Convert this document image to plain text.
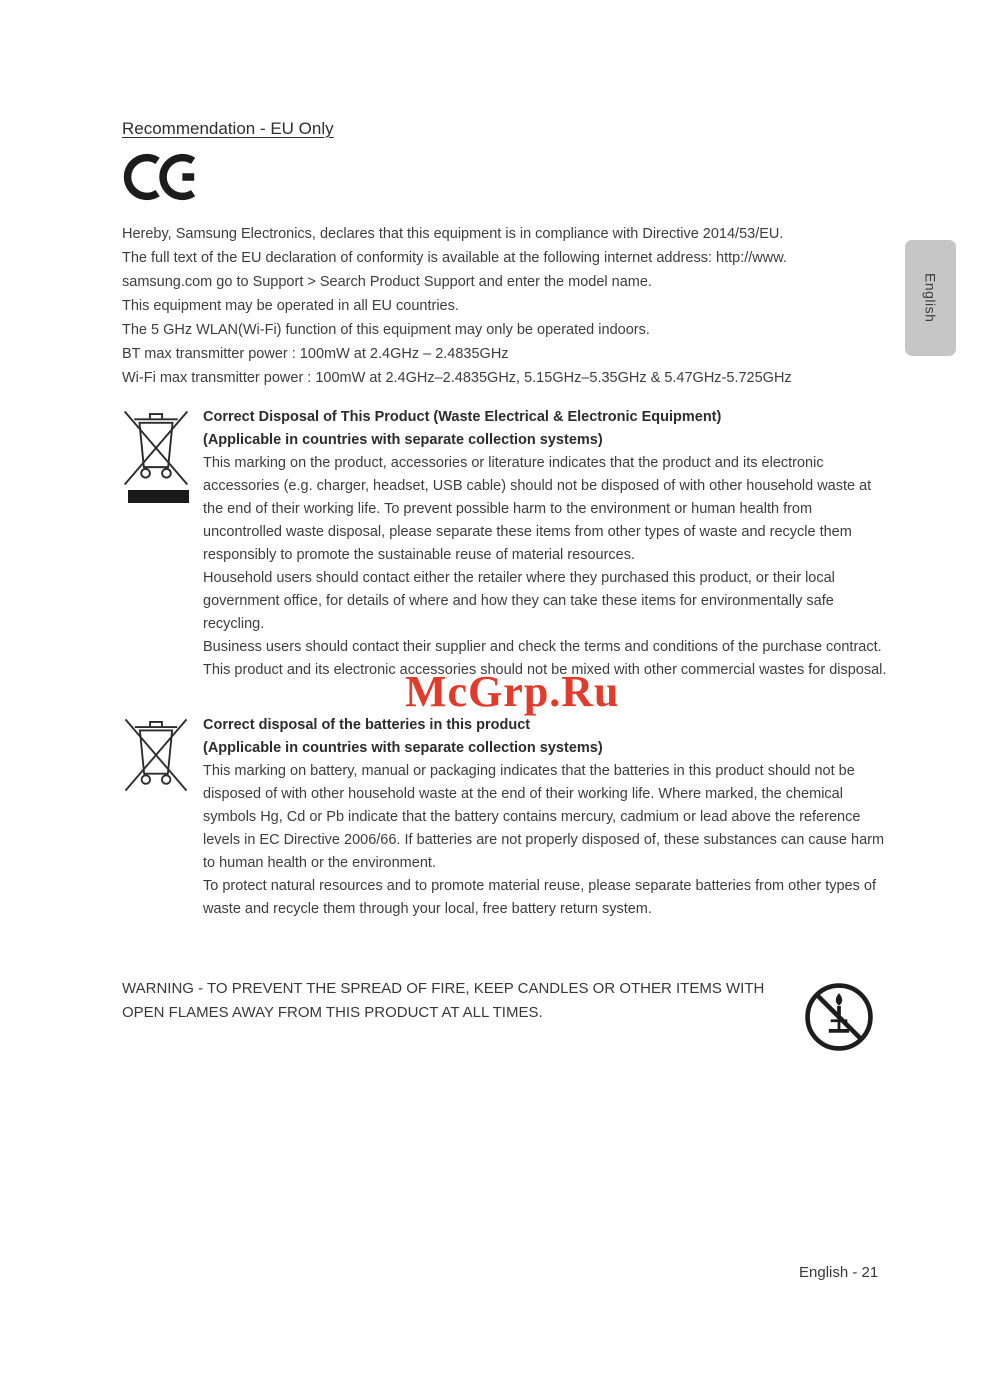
Recommendation - EU Only

Hereby, Samsung Electronics, declares that this equipment is in compliance with Directive 2014/53/EU.

The full text of the EU declaration of conformity is available at the following internet address: http://www.

samsung.com go to Support > Search Product Support and enter the model name.

This equipment may be operated in all EU countries.

The 5 GHz WLAN(Wi-Fi) function of this equipment may only be operated indoors.

BT max transmitter power : 100mW at 2.4GHz – 2.4835GHz

Wi-Fi max transmitter power : 100mW at 2.4GHz–2.4835GHz, 5.15GHz–5.35GHz & 5.47GHz-5.725GHz

Correct Disposal of This Product (Waste Electrical & Electronic Equipment)
(Applicable in countries with separate collection systems)

This marking on the product, accessories or literature indicates that the product and its electronic accessories (e.g. charger, headset, USB cable) should not be disposed of with other household waste at the end of their working life. To prevent possible harm to the environment or human health from uncontrolled waste disposal, please separate these items from other types of waste and recycle them responsibly to promote the sustainable reuse of material resources.

Household users should contact either the retailer where they purchased this product, or their local government office, for details of where and how they can take these items for environmentally safe recycling.

Business users should contact their supplier and check the terms and conditions of the purchase contract. This product and its electronic accessories should not be mixed with other commercial wastes for disposal.

Correct disposal of the batteries in this product
(Applicable in countries with separate collection systems)

This marking on battery, manual or packaging indicates that the batteries in this product should not be disposed of with other household waste at the end of their working life. Where marked, the chemical symbols Hg, Cd or Pb indicate that the battery contains mercury, cadmium or lead above the reference levels in EC Directive 2006/66. If batteries are not properly disposed of, these substances can cause harm to human health or the environment.

To protect natural resources and to promote material reuse, please separate batteries from other types of waste and recycle them through your local, free battery return system.

McGrp.Ru

WARNING - TO PREVENT THE SPREAD OF FIRE, KEEP CANDLES OR OTHER ITEMS WITH OPEN FLAMES AWAY FROM THIS PRODUCT AT ALL TIMES.

English - 21
English
